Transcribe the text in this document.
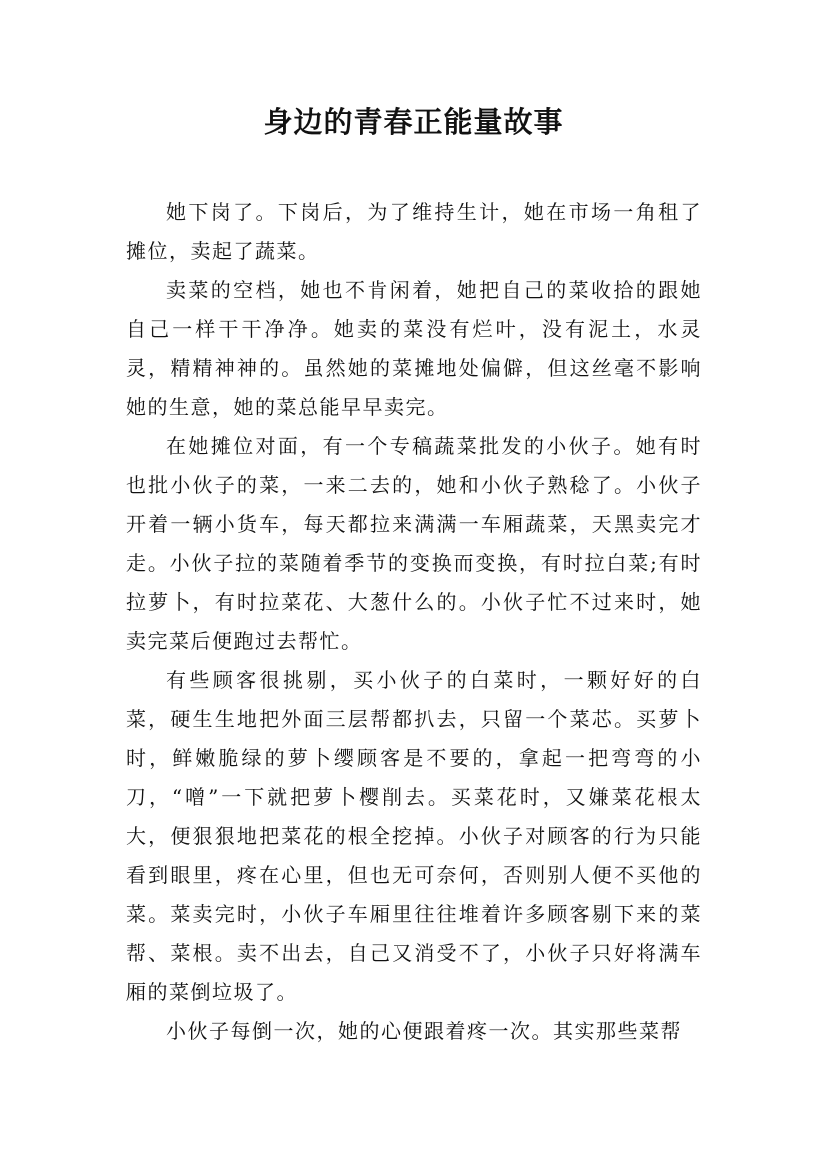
身边的青春正能量故事

她下岗了。下岗后，为了维持生计，她在市场一角租了摊位，卖起了蔬菜。

卖菜的空档，她也不肯闲着，她把自己的菜收拾的跟她自己一样干干净净。她卖的菜没有烂叶，没有泥土，水灵灵，精精神神的。虽然她的菜摊地处偏僻，但这丝毫不影响她的生意，她的菜总能早早卖完。

在她摊位对面，有一个专稿蔬菜批发的小伙子。她有时也批小伙子的菜，一来二去的，她和小伙子熟稔了。小伙子开着一辆小货车，每天都拉来满满一车厢蔬菜，天黑卖完才走。小伙子拉的菜随着季节的变换而变换，有时拉白菜;有时拉萝卜，有时拉菜花、大葱什么的。小伙子忙不过来时，她卖完菜后便跑过去帮忙。

有些顾客很挑剔，买小伙子的白菜时，一颗好好的白菜，硬生生地把外面三层帮都扒去，只留一个菜芯。买萝卜时，鲜嫩脆绿的萝卜缨顾客是不要的，拿起一把弯弯的小刀，“噌”一下就把萝卜樱削去。买菜花时，又嫌菜花根太大，便狠狠地把菜花的根全挖掉。小伙子对顾客的行为只能看到眼里，疼在心里，但也无可奈何，否则别人便不买他的菜。菜卖完时，小伙子车厢里往往堆着许多顾客剔下来的菜帮、菜根。卖不出去，自己又消受不了，小伙子只好将满车厢的菜倒垃圾了。

小伙子每倒一次，她的心便跟着疼一次。其实那些菜帮
